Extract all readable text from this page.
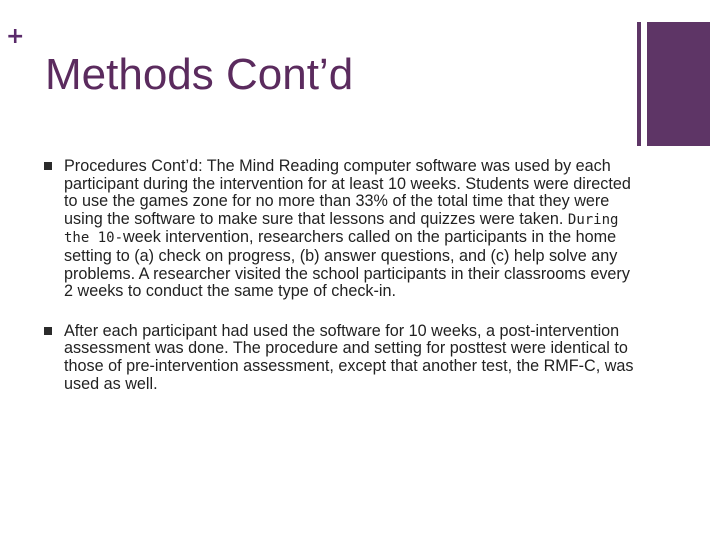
+
Methods Cont’d
Procedures Cont’d: The Mind Reading computer software was used by each participant during the intervention for at least 10 weeks. Students were directed to use the games zone for no more than 33% of the total time that they were using the software to make sure that lessons and quizzes were taken. During the 10-week intervention, researchers called on the participants in the home setting to (a) check on progress, (b) answer questions, and (c) help solve any problems. A researcher visited the school participants in their classrooms every 2 weeks to conduct the same type of check-in.
After each participant had used the software for 10 weeks, a post-intervention assessment was done. The procedure and setting for posttest were identical to those of pre-intervention assessment, except that another test, the RMF-C, was used as well.
